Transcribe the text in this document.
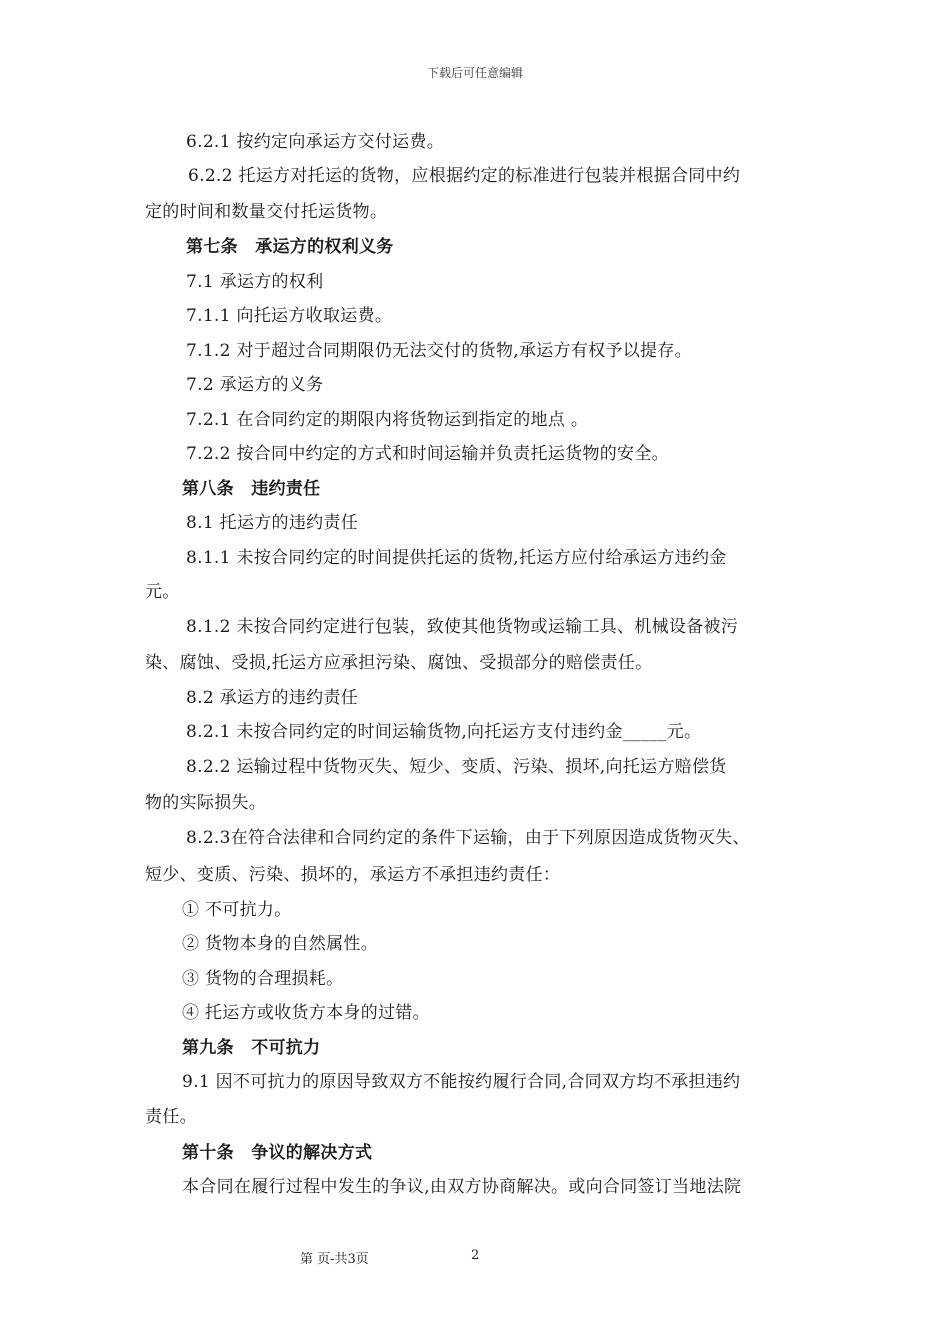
下载后可任意编辑
6.2.1 按约定向承运方交付运费。
6.2.2 托运方对托运的货物，应根据约定的标准进行包装并根据合同中约
定的时间和数量交付托运货物。
第七条　承运方的权利义务
7.1 承运方的权利
7.1.1 向托运方收取运费。
7.1.2 对于超过合同期限仍无法交付的货物,承运方有权予以提存。
7.2 承运方的义务
7.2.1 在合同约定的期限内将货物运到指定的地点 。
7.2.2 按合同中约定的方式和时间运输并负责托运货物的安全。
第八条　违约责任
8.1 托运方的违约责任
8.1.1 未按合同约定的时间提供托运的货物,托运方应付给承运方违约金
元。
8.1.2 未按合同约定进行包装，致使其他货物或运输工具、机械设备被污
染、腐蚀、受损,托运方应承担污染、腐蚀、受损部分的赔偿责任。
8.2 承运方的违约责任
8.2.1 未按合同约定的时间运输货物,向托运方支付违约金_____元。
8.2.2 运输过程中货物灭失、短少、变质、污染、损坏,向托运方赔偿货
物的实际损失。
8.2.3在符合法律和合同约定的条件下运输，由于下列原因造成货物灭失、
短少、变质、污染、损坏的，承运方不承担违约责任：
① 不可抗力。
② 货物本身的自然属性。
③ 货物的合理损耗。
④ 托运方或收货方本身的过错。
第九条　不可抗力
9.1 因不可抗力的原因导致双方不能按约履行合同,合同双方均不承担违约
责任。
第十条　争议的解决方式
本合同在履行过程中发生的争议,由双方协商解决。或向合同签订当地法院
第 页-共3页	2
